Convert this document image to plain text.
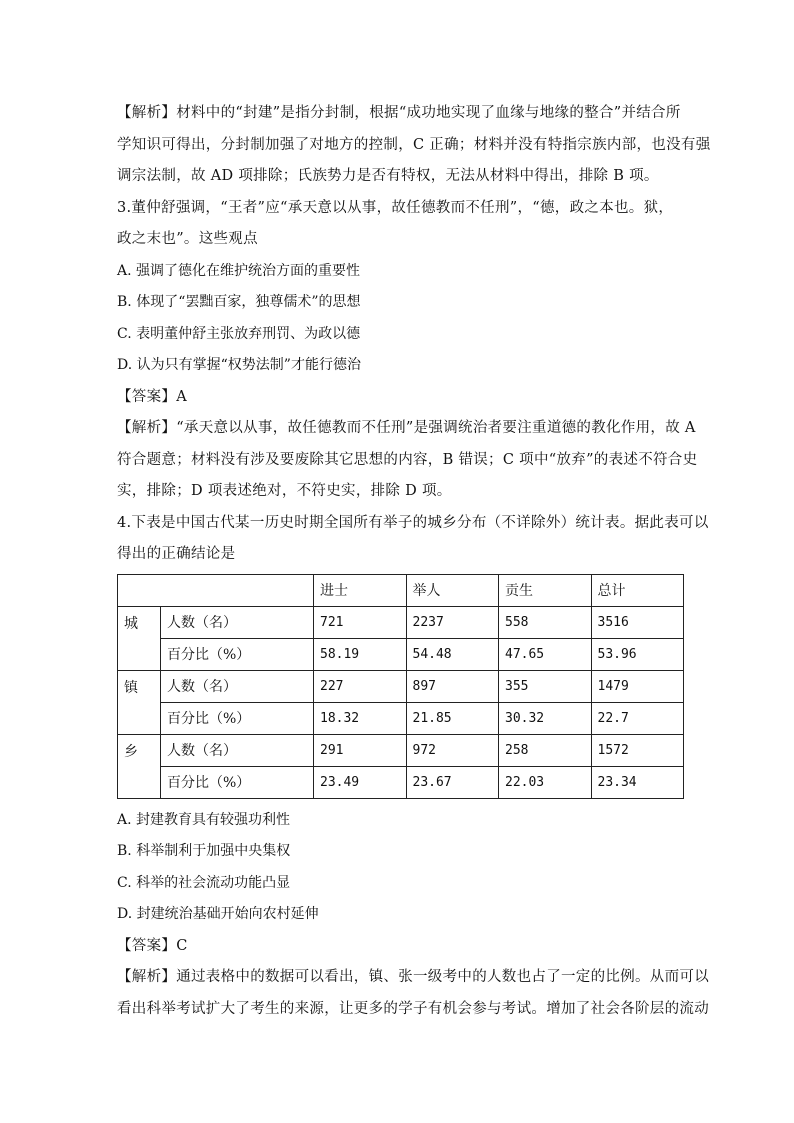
【解析】材料中的“封建”是指分封制，根据“成功地实现了血缘与地缘的整合”并结合所

学知识可得出，分封制加强了对地方的控制，C 正确；材料并没有特指宗族内部，也没有强

调宗法制，故 AD 项排除；氏族势力是否有特权，无法从材料中得出，排除 B 项。

3.董仲舒强调，“王者”应“承天意以从事，故任德教而不任刑”，“德，政之本也。狱，

政之末也”。这些观点

A. 强调了德化在维护统治方面的重要性

B. 体现了“罢黜百家，独尊儒术”的思想

C. 表明董仲舒主张放弃刑罚、为政以德

D. 认为只有掌握“权势法制”才能行德治

【答案】A

【解析】“承天意以从事，故任德教而不任刑”是强调统治者要注重道德的教化作用，故 A

符合题意；材料没有涉及要废除其它思想的内容，B 错误；C 项中“放弃”的表述不符合史

实，排除；D 项表述绝对，不符史实，排除 D 项。

4.下表是中国古代某一历史时期全国所有举子的城乡分布（不详除外）统计表。据此表可以

得出的正确结论是

		进士	举人	贡生	总计
城	人数（名）	721	2237	558	3516
	百分比（%）	58.19	54.48	47.65	53.96
镇	人数（名）	227	897	355	1479
	百分比（%）	18.32	21.85	30.32	22.7
乡	人数（名）	291	972	258	1572
	百分比（%）	23.49	23.67	22.03	23.34

A. 封建教育具有较强功利性

B. 科举制利于加强中央集权

C. 科举的社会流动功能凸显

D. 封建统治基础开始向农村延伸

【答案】C

【解析】通过表格中的数据可以看出，镇、张一级考中的人数也占了一定的比例。从而可以

看出科举考试扩大了考生的来源，让更多的学子有机会参与考试。增加了社会各阶层的流动
